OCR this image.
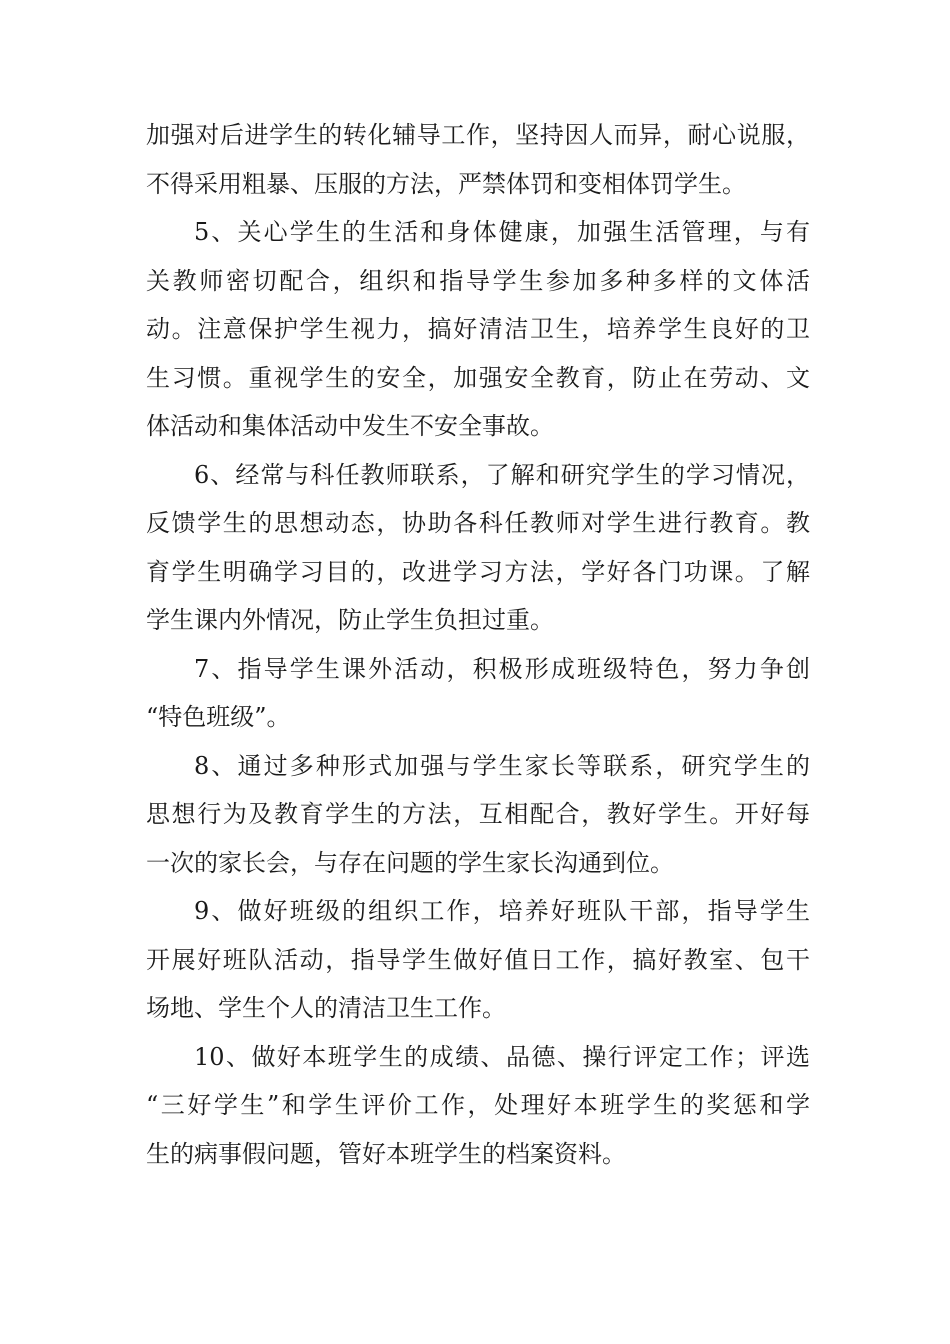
加强对后进学生的转化辅导工作，坚持因人而异，耐心说服，
不得采用粗暴、压服的方法，严禁体罚和变相体罚学生。
5、关心学生的生活和身体健康，加强生活管理，与有
关教师密切配合，组织和指导学生参加多种多样的文体活
动。注意保护学生视力，搞好清洁卫生，培养学生良好的卫
生习惯。重视学生的安全，加强安全教育，防止在劳动、文
体活动和集体活动中发生不安全事故。
6、经常与科任教师联系，了解和研究学生的学习情况，
反馈学生的思想动态，协助各科任教师对学生进行教育。教
育学生明确学习目的，改进学习方法，学好各门功课。了解
学生课内外情况，防止学生负担过重。
7、指导学生课外活动，积极形成班级特色，努力争创
“特色班级”。
8、通过多种形式加强与学生家长等联系，研究学生的
思想行为及教育学生的方法，互相配合，教好学生。开好每
一次的家长会，与存在问题的学生家长沟通到位。
9、做好班级的组织工作，培养好班队干部，指导学生
开展好班队活动，指导学生做好值日工作，搞好教室、包干
场地、学生个人的清洁卫生工作。
10、做好本班学生的成绩、品德、操行评定工作；评选
“三好学生”和学生评价工作，处理好本班学生的奖惩和学
生的病事假问题，管好本班学生的档案资料。
